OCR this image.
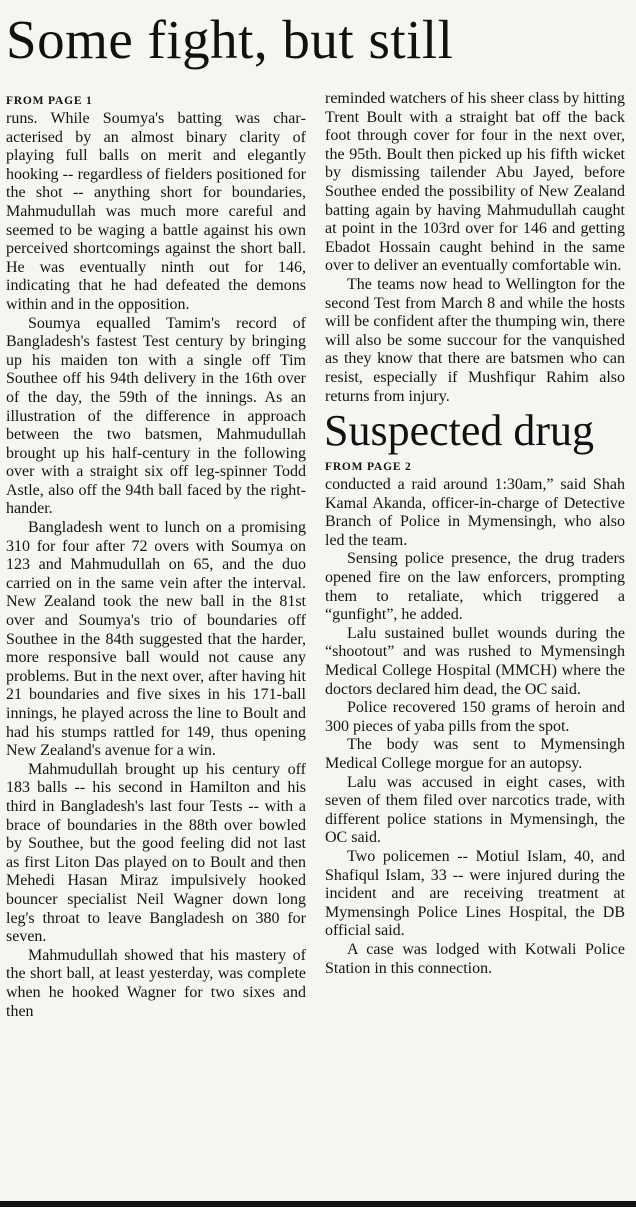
Some fight, but still
FROM PAGE 1

runs. While Soumya's batting was characterised by an almost binary clarity of playing full balls on merit and elegantly hooking -- regardless of fielders positioned for the shot -- anything short for boundaries, Mahmudullah was much more careful and seemed to be waging a battle against his own perceived shortcomings against the short ball. He was eventually ninth out for 146, indicating that he had defeated the demons within and in the opposition.

Soumya equalled Tamim's record of Bangladesh's fastest Test century by bringing up his maiden ton with a single off Tim Southee off his 94th delivery in the 16th over of the day, the 59th of the innings. As an illustration of the difference in approach between the two batsmen, Mahmudullah brought up his half-century in the following over with a straight six off leg-spinner Todd Astle, also off the 94th ball faced by the right-hander.

Bangladesh went to lunch on a promising 310 for four after 72 overs with Soumya on 123 and Mahmudullah on 65, and the duo carried on in the same vein after the interval. New Zealand took the new ball in the 81st over and Soumya's trio of boundaries off Southee in the 84th suggested that the harder, more responsive ball would not cause any problems. But in the next over, after having hit 21 boundaries and five sixes in his 171-ball innings, he played across the line to Boult and had his stumps rattled for 149, thus opening New Zealand's avenue for a win.

Mahmudullah brought up his century off 183 balls -- his second in Hamilton and his third in Bangladesh's last four Tests -- with a brace of boundaries in the 88th over bowled by Southee, but the good feeling did not last as first Liton Das played on to Boult and then Mehedi Hasan Miraz impulsively hooked bouncer specialist Neil Wagner down long leg's throat to leave Bangladesh on 380 for seven.

Mahmudullah showed that his mastery of the short ball, at least yesterday, was complete when he hooked Wagner for two sixes and then

reminded watchers of his sheer class by hitting Trent Boult with a straight bat off the back foot through cover for four in the next over, the 95th. Boult then picked up his fifth wicket by dismissing tailender Abu Jayed, before Southee ended the possibility of New Zealand batting again by having Mahmudullah caught at point in the 103rd over for 146 and getting Ebadot Hossain caught behind in the same over to deliver an eventually comfortable win.

The teams now head to Wellington for the second Test from March 8 and while the hosts will be confident after the thumping win, there will also be some succour for the vanquished as they know that there are batsmen who can resist, especially if Mushfiqur Rahim also returns from injury.

Suspected drug
FROM PAGE 2

conducted a raid around 1:30am,” said Shah Kamal Akanda, officer-in-charge of Detective Branch of Police in Mymensingh, who also led the team.

Sensing police presence, the drug traders opened fire on the law enforcers, prompting them to retaliate, which triggered a “gunfight”, he added.

Lalu sustained bullet wounds during the “shootout” and was rushed to Mymensingh Medical College Hospital (MMCH) where the doctors declared him dead, the OC said.

Police recovered 150 grams of heroin and 300 pieces of yaba pills from the spot.

The body was sent to Mymensingh Medical College morgue for an autopsy.

Lalu was accused in eight cases, with seven of them filed over narcotics trade, with different police stations in Mymensingh, the OC said.

Two policemen -- Motiul Islam, 40, and Shafiqul Islam, 33 -- were injured during the incident and are receiving treatment at Mymensingh Police Lines Hospital, the DB official said.

A case was lodged with Kotwali Police Station in this connection.
